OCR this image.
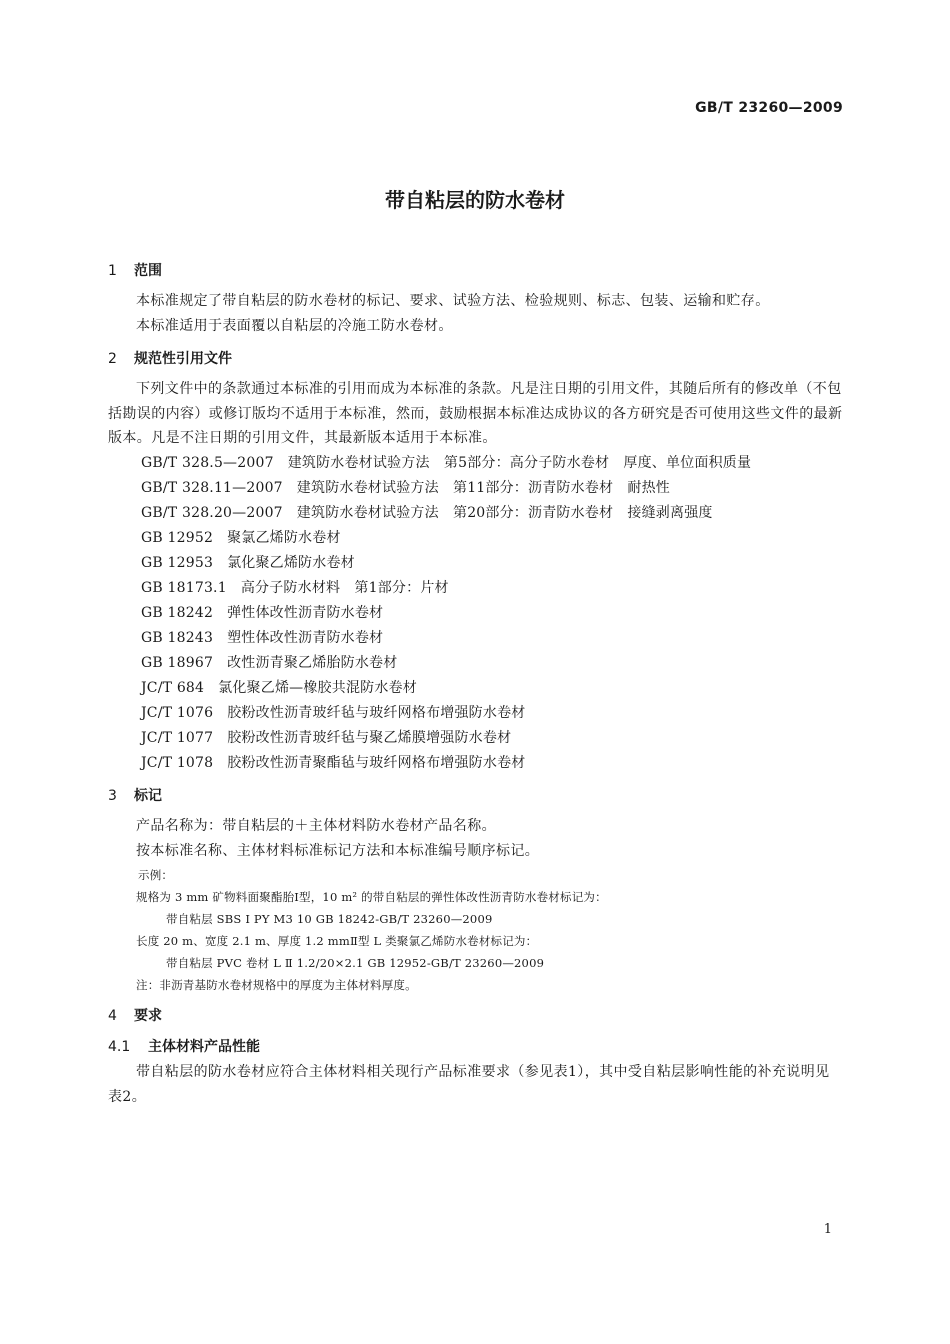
GB/T 23260—2009
带自粘层的防水卷材
1 范围

本标准规定了带自粘层的防水卷材的标记、要求、试验方法、检验规则、标志、包装、运输和贮存。

本标准适用于表面覆以自粘层的冷施工防水卷材。

2 规范性引用文件

下列文件中的条款通过本标准的引用而成为本标准的条款。凡是注日期的引用文件，其随后所有的修改单（不包括勘误的内容）或修订版均不适用于本标准，然而，鼓励根据本标准达成协议的各方研究是否可使用这些文件的最新版本。凡是不注日期的引用文件，其最新版本适用于本标准。

GB/T 328.5—2007 建筑防水卷材试验方法　第5部分：高分子防水卷材　厚度、单位面积质量

GB/T 328.11—2007 建筑防水卷材试验方法　第11部分：沥青防水卷材　耐热性

GB/T 328.20—2007 建筑防水卷材试验方法　第20部分：沥青防水卷材　接缝剥离强度

GB 12952 聚氯乙烯防水卷材

GB 12953 氯化聚乙烯防水卷材

GB 18173.1 高分子防水材料　第1部分：片材

GB 18242 弹性体改性沥青防水卷材

GB 18243 塑性体改性沥青防水卷材

GB 18967 改性沥青聚乙烯胎防水卷材

JC/T 684 氯化聚乙烯—橡胶共混防水卷材

JC/T 1076 胶粉改性沥青玻纤毡与玻纤网格布增强防水卷材

JC/T 1077 胶粉改性沥青玻纤毡与聚乙烯膜增强防水卷材

JC/T 1078 胶粉改性沥青聚酯毡与玻纤网格布增强防水卷材

3 标记

产品名称为：带自粘层的＋主体材料防水卷材产品名称。

按本标准名称、主体材料标准标记方法和本标准编号顺序标记。

示例：

规格为 3 mm 矿物料面聚酯胎Ⅰ型，10 m² 的带自粘层的弹性体改性沥青防水卷材标记为：

带自粘层 SBS I PY M3 10 GB 18242-GB/T 23260—2009

长度 20 m、宽度 2.1 m、厚度 1.2 mmⅡ型 L 类聚氯乙烯防水卷材标记为：

带自粘层 PVC 卷材 L Ⅱ 1.2/20×2.1 GB 12952-GB/T 23260—2009

注：非沥青基防水卷材规格中的厚度为主体材料厚度。

4 要求
4.1 主体材料产品性能

带自粘层的防水卷材应符合主体材料相关现行产品标准要求（参见表1），其中受自粘层影响性能的补充说明见表2。

1
